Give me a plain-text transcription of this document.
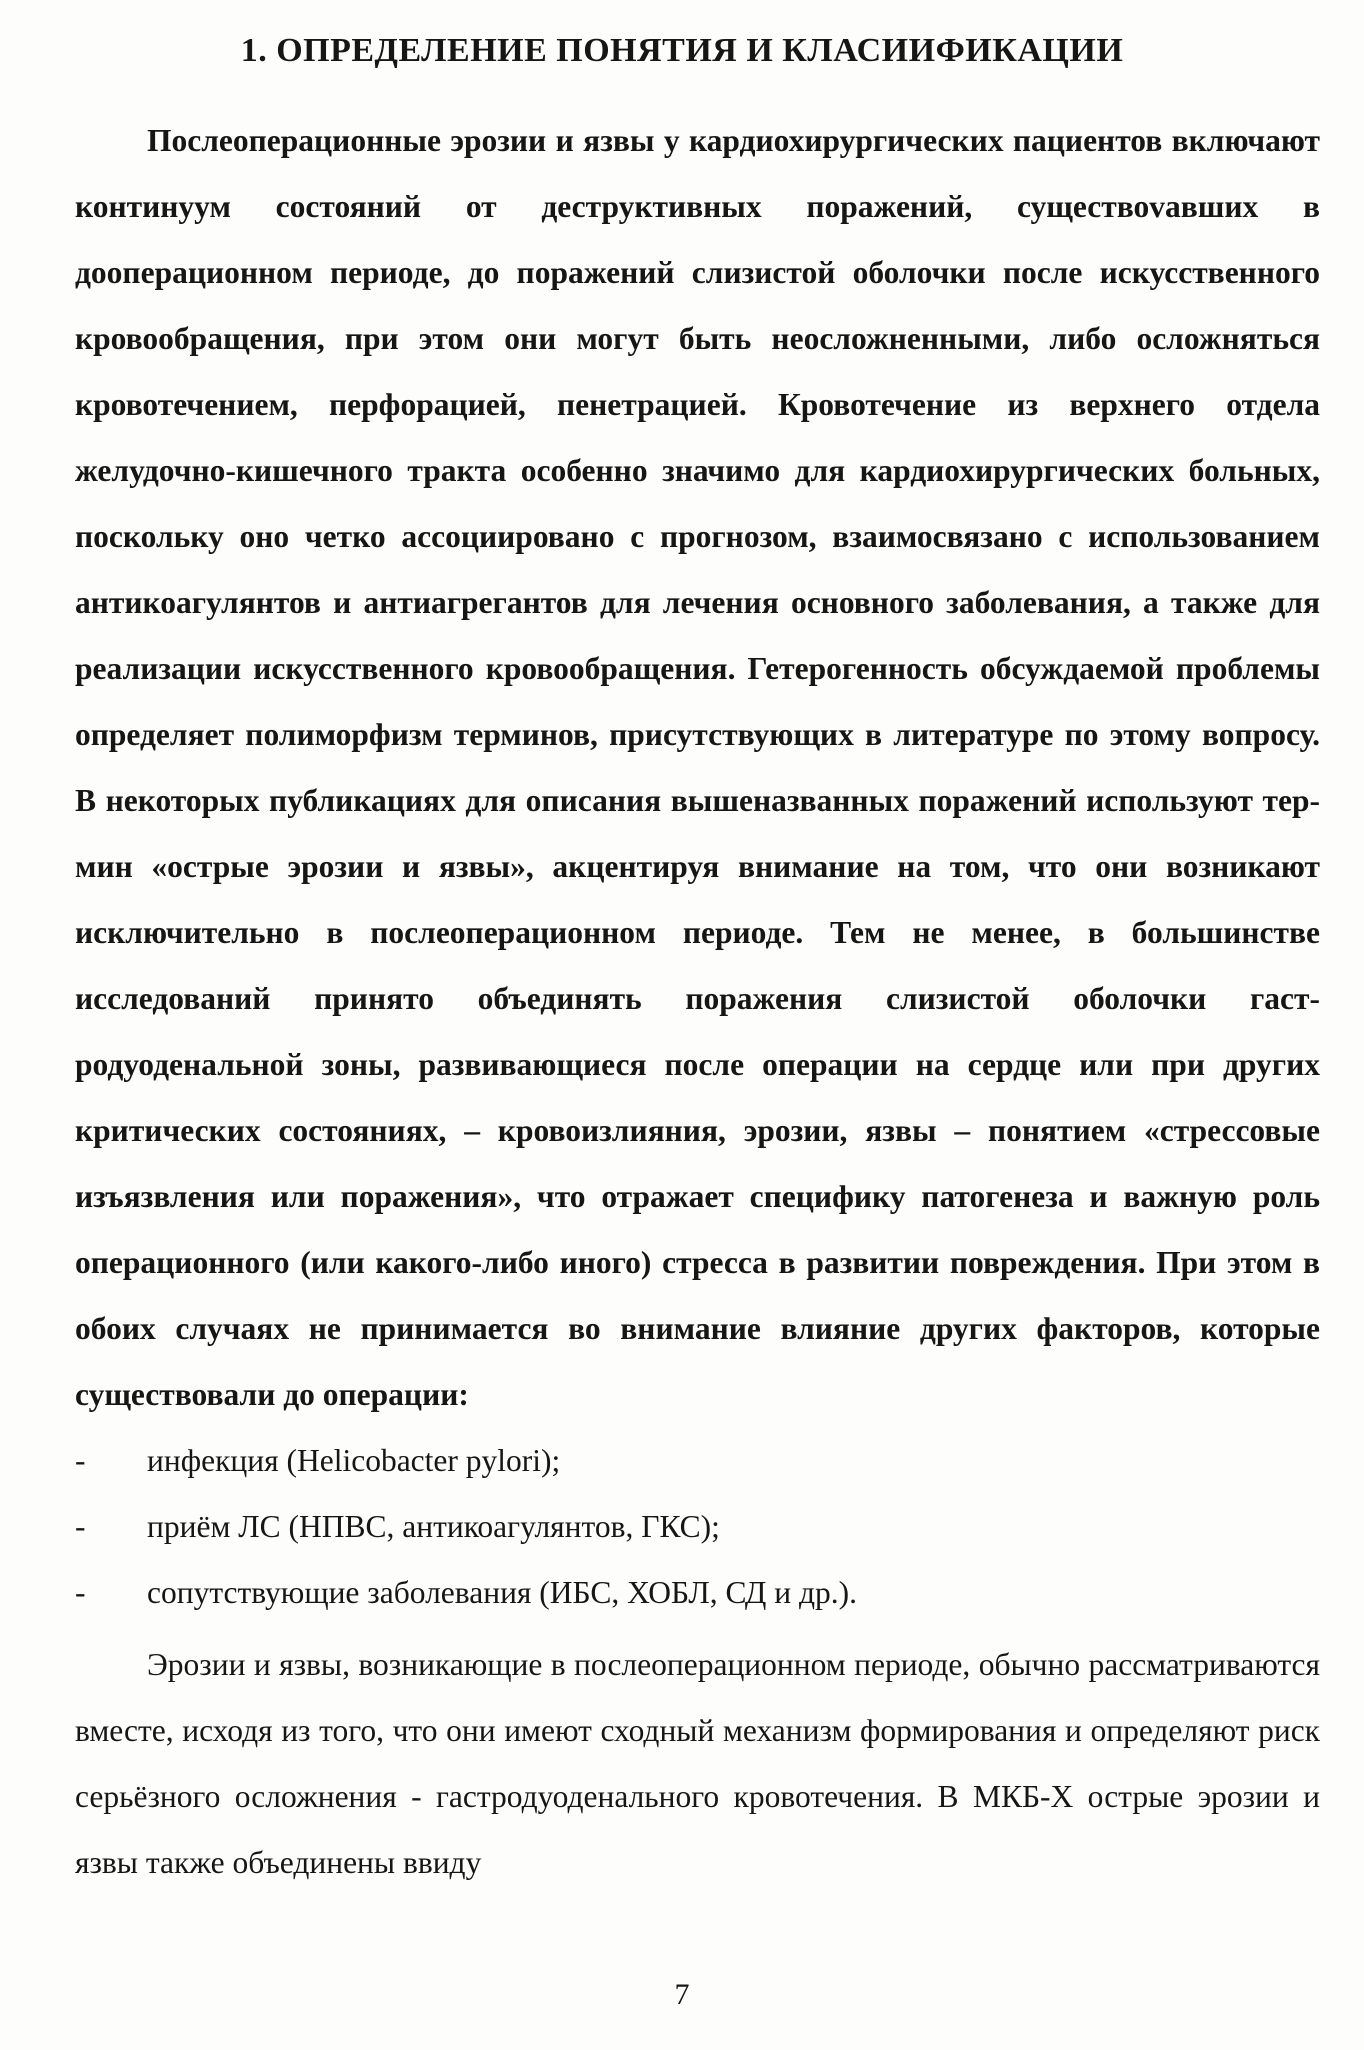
1. ОПРЕДЕЛЕНИЕ ПОНЯТИЯ И КЛАСИИФИКАЦИИ

Послеоперационные эрозии и язвы у кардиохирургических пациентов включают континуум состояний от деструктивных поражений, существоvавших в дооперационном периоде, до поражений слизистой оболочки после искусственного кровообращения, при этом они могут быть неосложненными, либо осложняться кровотечением, перфорацией, пенетрацией. Кровотечение из верхнего отдела желудочно-кишечного тракта особенно значимо для кардиохирургических больных, поскольку оно четко ассоциировано с прогнозом, взаимосвязано с использованием антикоагулянтов и антиагрегантов для лечения основного заболевания, а также для реализации искусственного кровообращения. Гетерогенность обсуждаемой проблемы определяет полиморфизм терминов, присутствующих в литературе по этому вопросу. В некоторых публикациях для описания вышеназванных поражений используют термин «острые эрозии и язвы», акцентируя внимание на том, что они возникают исключительно в послеоперационном периоде. Тем не менее, в большинстве исследований принято объединять поражения слизистой оболочки гастродуоденальной зоны, развивающиеся после операции на сердце или при других критических состояниях, – кровоизлияния, эрозии, язвы – понятием «стрессовые изъязвления или поражения», что отражает специфику патогенеза и важную роль операционного (или какого-либо иного) стресса в развитии повреждения. При этом в обоих случаях не принимается во внимание влияние других факторов, которые существовали до операции:

-	инфекция (Helicobacter pylori);
-	приём ЛС (НПВС, антикоагулянтов, ГКС);
-	сопутствующие заболевания (ИБС, ХОБЛ, СД и др.).

Эрозии и язвы, возникающие в послеоперационном периоде, обычно рассматриваются вместе, исходя из того, что они имеют сходный механизм формирования и определяют риск серьёзного осложнения - гастродуоденального кровотечения. В МКБ-X острые эрозии и язвы также объединены ввиду

7
